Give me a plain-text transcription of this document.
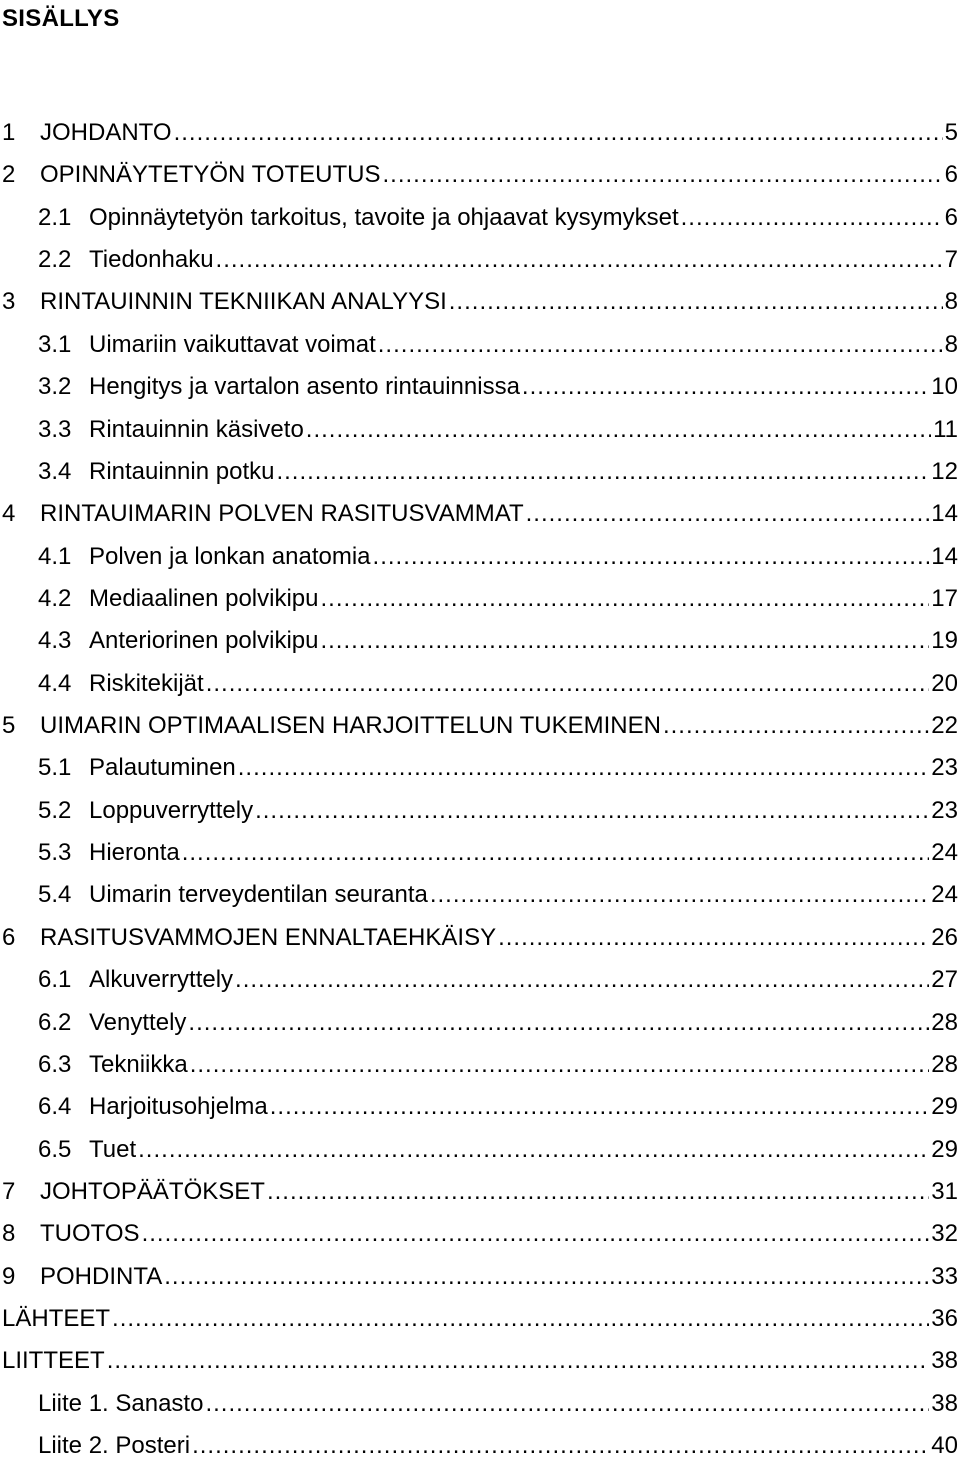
SISÄLLYS
1	JOHDANTO .....	5
2	OPINNÄYTETYÖN TOTEUTUS .....	6
2.1 Opinnäytetyön tarkoitus, tavoite ja ohjaavat kysymykset .....	6
2.2 Tiedonhaku .....	7
3	RINTAUINNIN TEKNIIKAN ANALYYSI .....	8
3.1 Uimariin vaikuttavat voimat .....	8
3.2 Hengitys ja vartalon asento rintauinnissa .....	10
3.3 Rintauinnin käsiveto .....	11
3.4 Rintauinnin potku .....	12
4	RINTAUIMARIN POLVEN RASITUSVAMMAT .....	14
4.1 Polven ja lonkan anatomia .....	14
4.2 Mediaalinen polvikipu .....	17
4.3 Anteriorinen polvikipu .....	19
4.4 Riskitekijät .....	20
5	UIMARIN OPTIMAALISEN HARJOITTELUN TUKEMINEN .....	22
5.1 Palautuminen .....	23
5.2 Loppuverryttely .....	23
5.3 Hieronta .....	24
5.4 Uimarin terveydentilan seuranta .....	24
6	RASITUSVAMMOJEN ENNALTAEHKÄISY .....	26
6.1 Alkuverryttely .....	27
6.2 Venyttely .....	28
6.3 Tekniikka .....	28
6.4 Harjoitusohjelma .....	29
6.5 Tuet .....	29
7	JOHTOPÄÄTÖKSET .....	31
8	TUOTOS .....	32
9	POHDINTA .....	33
LÄHTEET .....	36
LIITTEET .....	38
Liite 1. Sanasto .....	38
Liite 2. Posteri .....	40
